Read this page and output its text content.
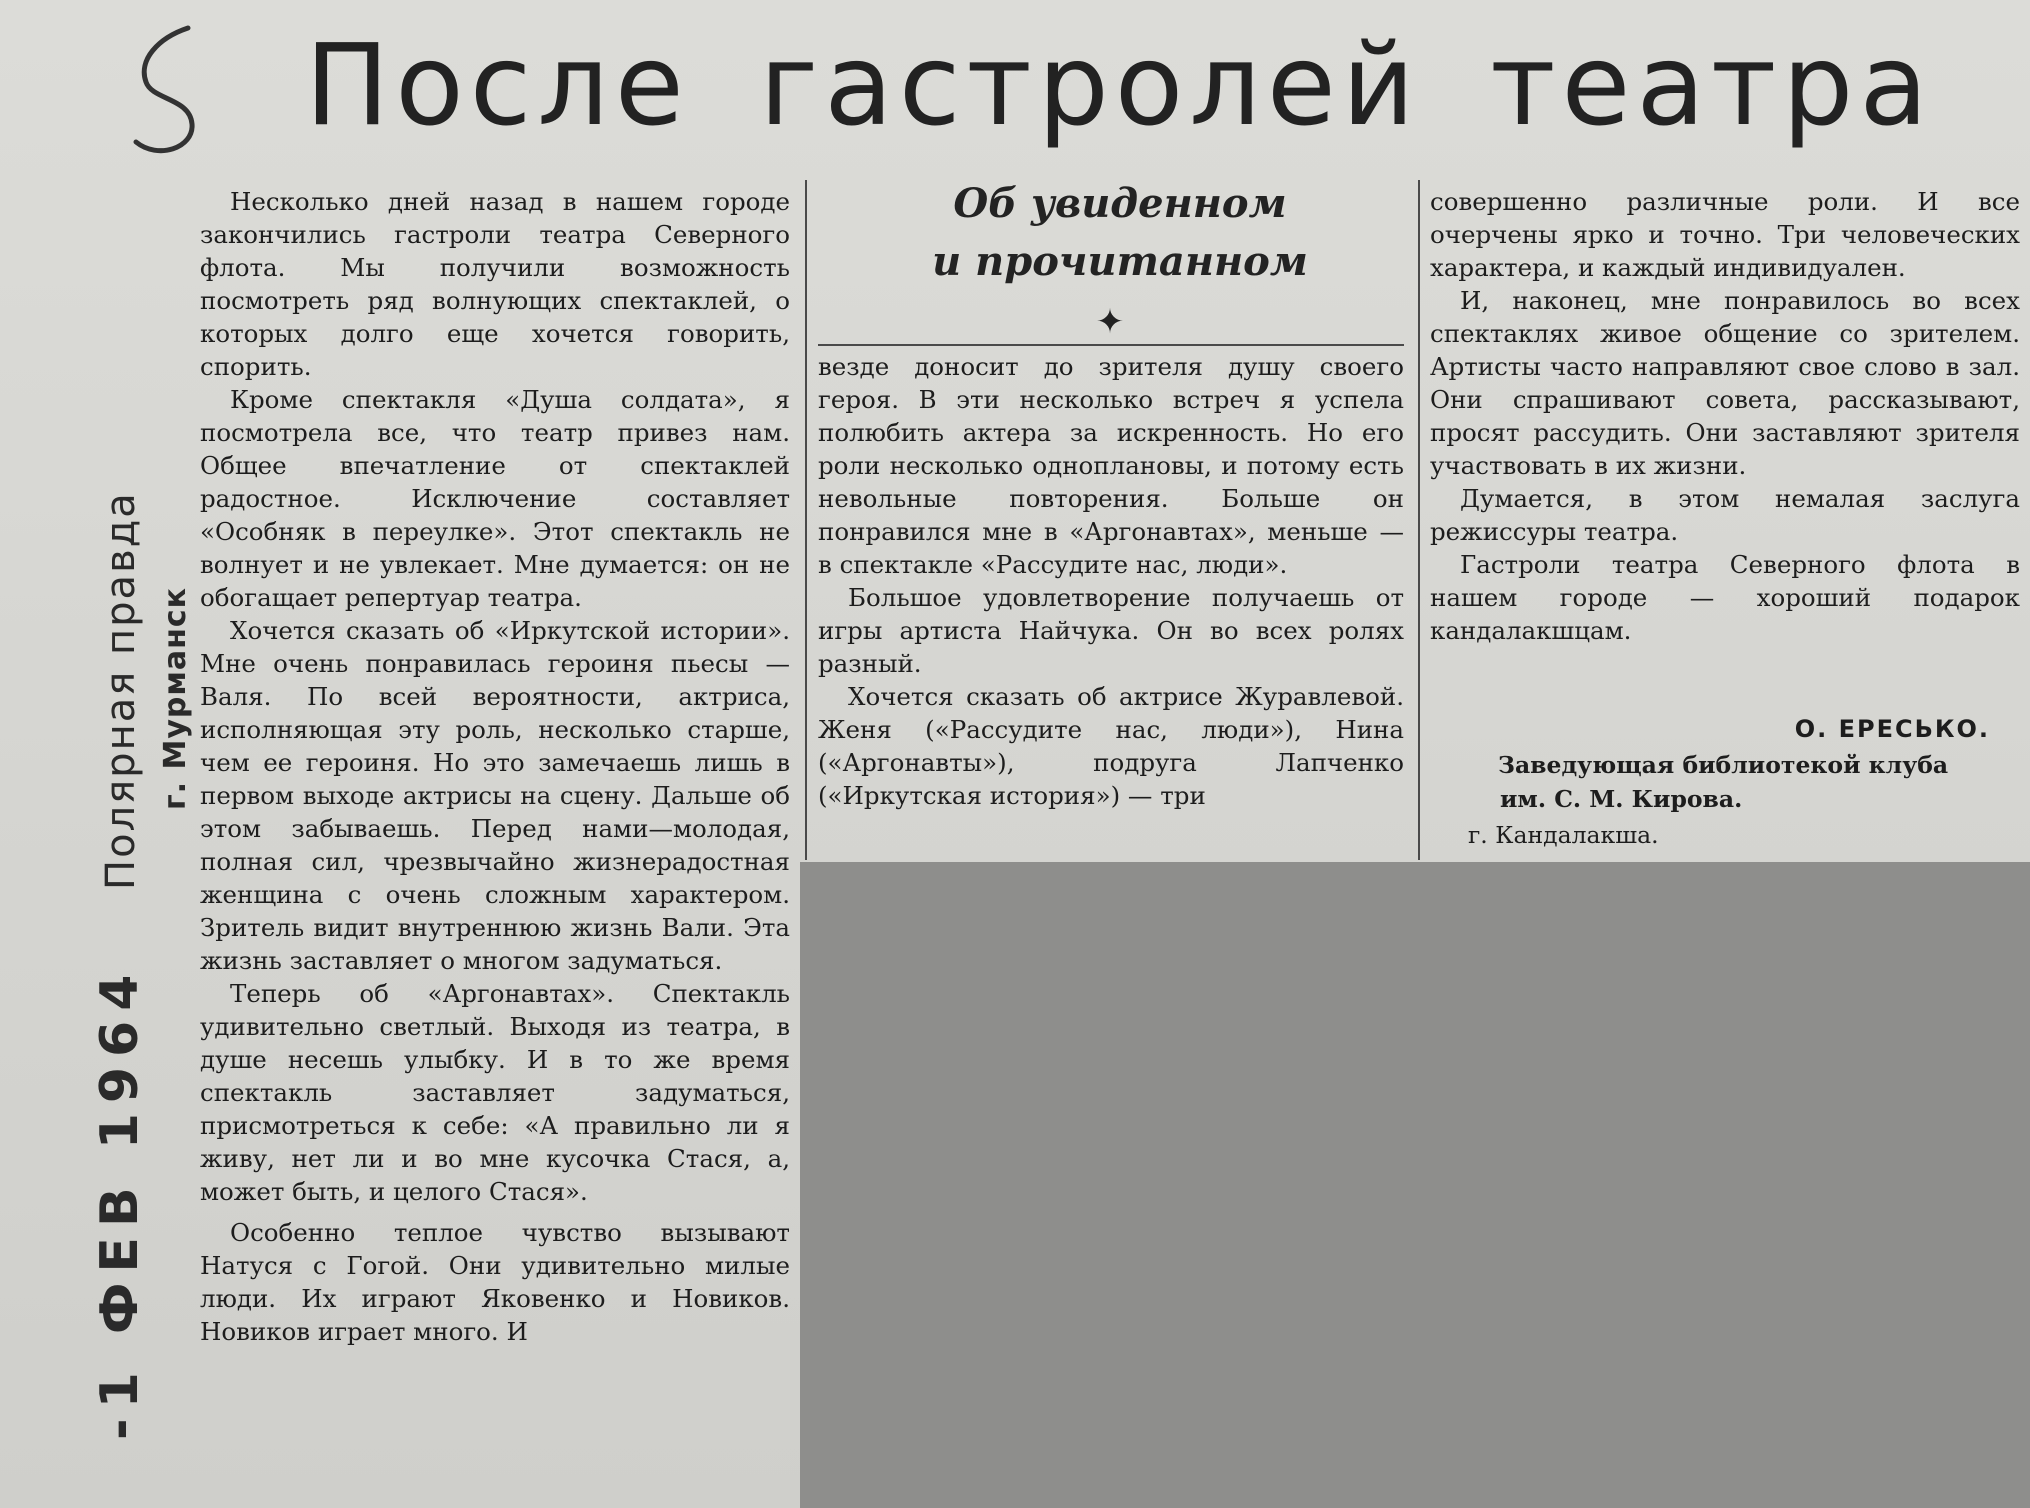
После гастролей театра
-1 ФЕВ 1964
Полярная правда г. Мурманск
Об увиденном
и прочитанном
✦

Несколько дней назад в нашем городе закончились гастроли театра Северного флота. Мы получили возможность посмотреть ряд волнующих спектаклей, о которых долго еще хочется говорить, спорить.

Кроме спектакля «Душа солдата», я посмотрела все, что театр привез нам. Общее впечатление от спектаклей радостное. Исключение составляет «Особняк в переулке». Этот спектакль не волнует и не увлекает. Мне думается: он не обогащает репертуар театра.

Хочется сказать об «Иркутской истории». Мне очень понравилась героиня пьесы — Валя. По всей вероятности, актриса, исполняющая эту роль, несколько старше, чем ее героиня. Но это замечаешь лишь в первом выходе актрисы на сцену. Дальше об этом забываешь. Перед нами—молодая, полная сил, чрезвычайно жизнерадостная женщина с очень сложным характером. Зритель видит внутреннюю жизнь Вали. Эта жизнь заставляет о многом задуматься.

Теперь об «Аргонавтах». Спектакль удивительно светлый. Выходя из театра, в душе несешь улыбку. И в то же время спектакль заставляет задуматься, присмотреться к себе: «А правильно ли я живу, нет ли и во мне кусочка Стася, а, может быть, и целого Стася».

Особенно теплое чувство вызывают Натуся с Гогой. Они удивительно милые люди. Их играют Яковенко и Новиков. Новиков играет много. И

везде доносит до зрителя душу своего героя. В эти несколько встреч я успела полюбить актера за искренность. Но его роли несколько одноплановы, и потому есть невольные повторения. Больше он понравился мне в «Аргонавтах», меньше — в спектакле «Рассудите нас, люди».

Большое удовлетворение получаешь от игры артиста Найчука. Он во всех ролях разный.

Хочется сказать об актрисе Журавлевой. Женя («Рассудите нас, люди»), Нина («Аргонавты»), подруга Лапченко («Иркутская история») — три

совершенно различные роли. И все очерчены ярко и точно. Три человеческих характера, и каждый индивидуален.

И, наконец, мне понравилось во всех спектаклях живое общение со зрителем. Артисты часто направляют свое слово в зал. Они спрашивают совета, рассказывают, просят рассудить. Они заставляют зрителя участвовать в их жизни.

Думается, в этом немалая заслуга режиссуры театра.

Гастроли театра Северного флота в нашем городе — хороший подарок кандалакшцам.

О. ЕРЕСЬКО.
Заведующая библиотекой клуба
им. С. М. Кирова.
г. Кандалакша.
